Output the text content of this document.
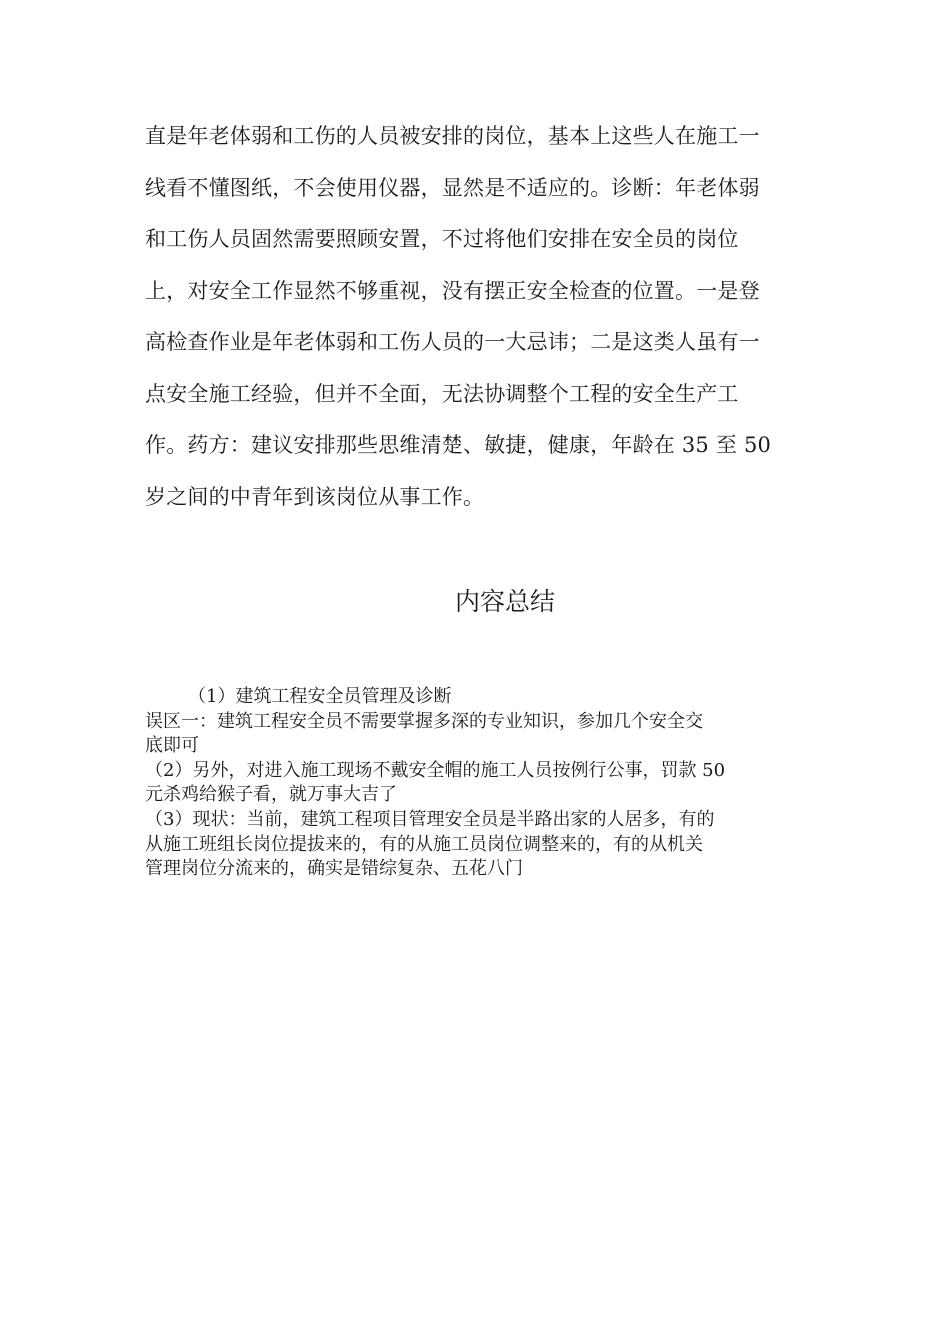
直是年老体弱和工伤的人员被安排的岗位，基本上这些人在施工一
线看不懂图纸，不会使用仪器，显然是不适应的。诊断：年老体弱
和工伤人员固然需要照顾安置，不过将他们安排在安全员的岗位
上，对安全工作显然不够重视，没有摆正安全检查的位置。一是登
高检查作业是年老体弱和工伤人员的一大忌讳；二是这类人虽有一
点安全施工经验，但并不全面，无法协调整个工程的安全生产工
作。药方：建议安排那些思维清楚、敏捷，健康，年龄在 35 至 50
岁之间的中青年到该岗位从事工作。
内容总结
（1）建筑工程安全员管理及诊断
误区一：建筑工程安全员不需要掌握多深的专业知识，参加几个安全交
底即可
（2）另外，对进入施工现场不戴安全帽的施工人员按例行公事，罚款 50
元杀鸡给猴子看，就万事大吉了
（3）现状：当前，建筑工程项目管理安全员是半路出家的人居多，有的
从施工班组长岗位提拔来的，有的从施工员岗位调整来的，有的从机关
管理岗位分流来的，确实是错综复杂、五花八门
